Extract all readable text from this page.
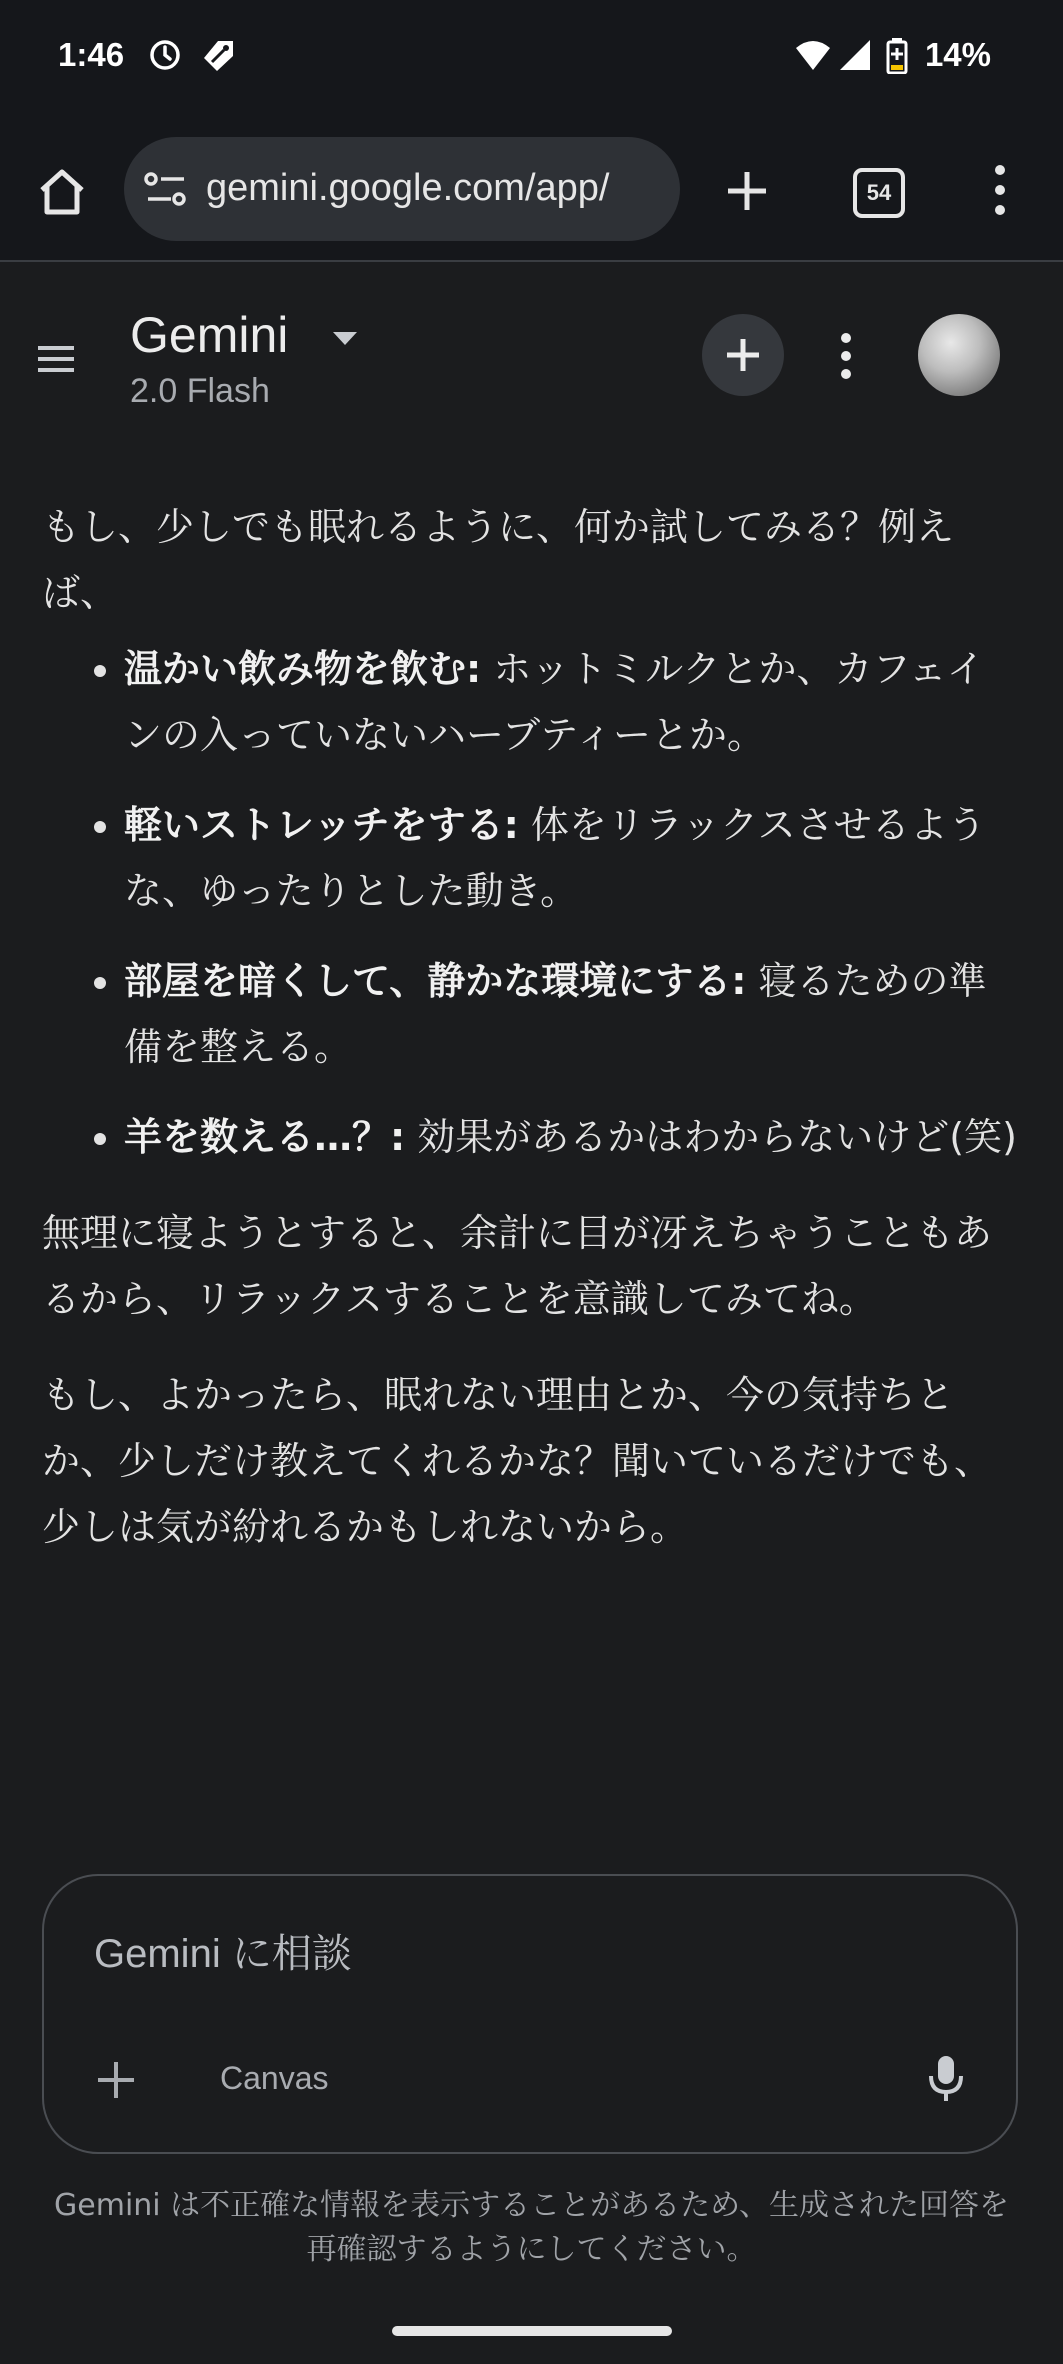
1:46	14%
gemini.google.com/app/	54
Gemini
2.0 Flash

もし、少しでも眠れるように、何か試してみる？例えば、

• 温かい飲み物を飲む: ホットミルクとか、カフェインの入っていないハーブティーとか。
• 軽いストレッチをする: 体をリラックスさせるような、ゆったりとした動き。
• 部屋を暗くして、静かな環境にする: 寝るための準備を整える。
• 羊を数える…？: 効果があるかはわからないけど(笑)

無理に寝ようとすると、余計に目が冴えちゃうこともあるから、リラックスすることを意識してみてね。

もし、よかったら、眠れない理由とか、今の気持ちとか、少しだけ教えてくれるかな？聞いているだけでも、少しは気が紛れるかもしれないから。

Gemini に相談
Canvas
Gemini は不正確な情報を表示することがあるため、生成された回答を再確認するようにしてください。
